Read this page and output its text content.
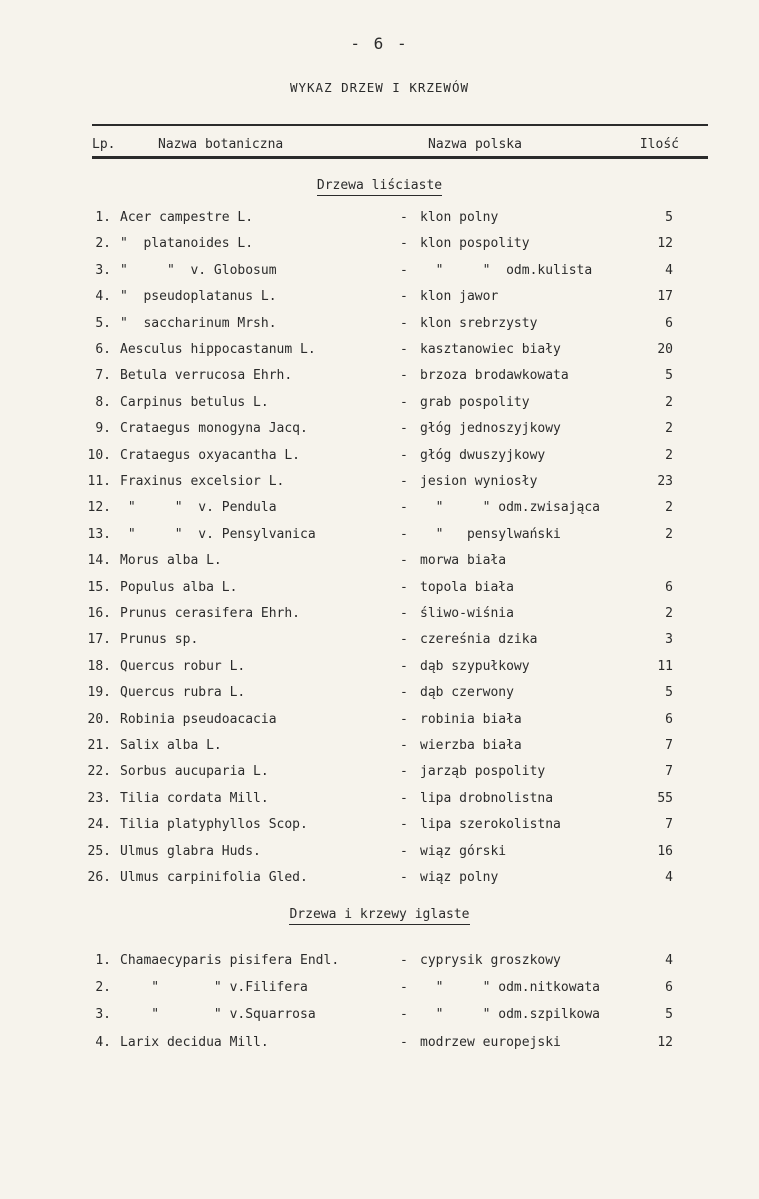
- 6 -
WYKAZ DRZEW I KRZEWÓW
Lp.	Nazwa botaniczna	Nazwa polska	Ilość
Drzewa liściaste
1. Acer campestre L.	- klon polny	5
2. "  platanoides L.	- klon pospolity	12
3. "     "  v. Globosum	- "     "  odm.kulista	4
4. "  pseudoplatanus L.	- klon jawor	17
5. "  saccharinum Mrsh.	- klon srebrzysty	6
6. Aesculus hippocastanum L.	- kasztanowiec biały	20
7. Betula verrucosa Ehrh.	- brzoza brodawkowata	5
8. Carpinus betulus L.	- grab pospolity	2
9. Crataegus monogyna Jacq.	- głóg jednoszyjkowy	2
10. Crataegus oxyacantha L.	- głóg dwuszyjkowy	2
11. Fraxinus excelsior L.	- jesion wyniosły	23
12. "     "  v. Pendula	- "     " odm.zwisająca	2
13. "     "  v. Pensylvanica	- "   pensylwański	2
14. Morus alba L.	- morwa biała
15. Populus alba L.	- topola biała	6
16. Prunus cerasifera Ehrh.	- śliwo-wiśnia	2
17. Prunus sp.	- czereśnia dzika	3
18. Quercus robur L.	- dąb szypułkowy	11
19. Quercus rubra L.	- dąb czerwony	5
20. Robinia pseudoacacia	- robinia biała	6
21. Salix alba L.	- wierzba biała	7
22. Sorbus aucuparia L.	- jarząb pospolity	7
23. Tilia cordata Mill.	- lipa drobnolistna	55
24. Tilia platyphyllos Scop.	- lipa szerokolistna	7
25. Ulmus glabra Huds.	- wiąz górski	16
26. Ulmus carpinifolia Gled.	- wiąz polny	4
Drzewa i krzewy iglaste
1. Chamaecyparis pisifera Endl.	- cyprysik groszkowy	4
2. "       " v.Filifera	- "     " odm.nitkowata	6
3. "       " v.Squarrosa	- "     " odm.szpilkowa	5
4. Larix decidua Mill.	- modrzew europejski	12
